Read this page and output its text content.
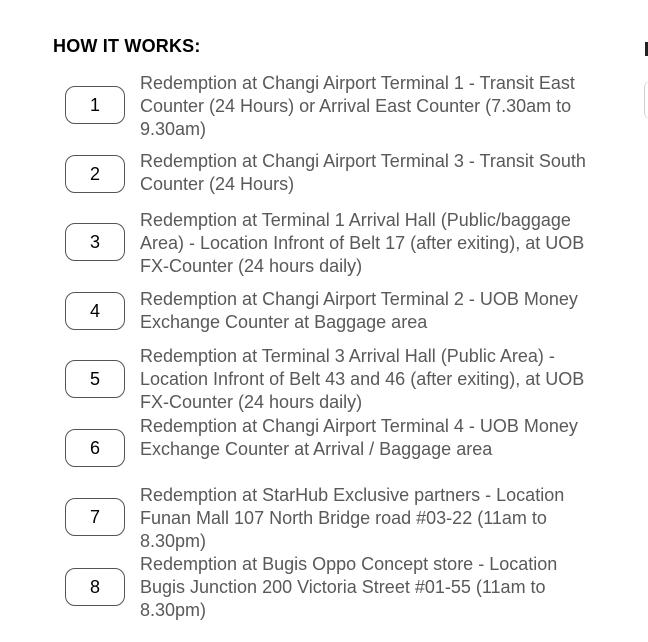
HOW IT WORKS:
1
Redemption at Changi Airport Terminal 1 - Transit East Counter (24 Hours) or Arrival East Counter (7.30am to 9.30am)
2
Redemption at Changi Airport Terminal 3 - Transit South Counter (24 Hours)
3
Redemption at Terminal 1 Arrival Hall (Public/baggage Area) - Location Infront of Belt 17 (after exiting), at UOB FX-Counter (24 hours daily)
4
Redemption at Changi Airport Terminal 2 - UOB Money Exchange Counter at Baggage area
5
Redemption at Terminal 3 Arrival Hall (Public Area) - Location Infront of Belt 43 and 46 (after exiting), at UOB FX-Counter (24 hours daily)
6
Redemption at Changi Airport Terminal 4 - UOB Money Exchange Counter at Arrival / Baggage area
7
Redemption at StarHub Exclusive partners - Location Funan Mall 107 North Bridge road #03-22 (11am to 8.30pm)
8
Redemption at Bugis Oppo Concept store - Location Bugis Junction 200 Victoria Street #01-55 (11am to 8.30pm)
